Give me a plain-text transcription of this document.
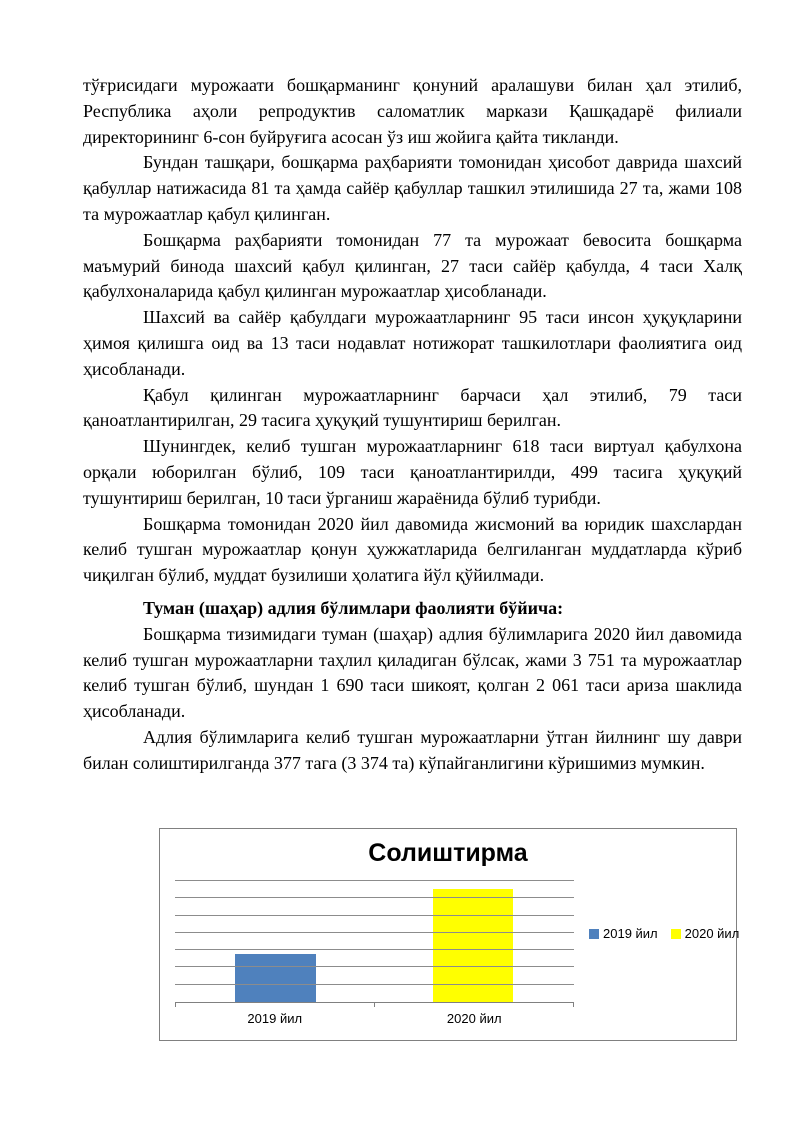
тўғрисидаги мурожаати бошқарманинг қонуний аралашуви билан ҳал этилиб, Республика аҳоли репродуктив саломатлик маркази Қашқадарё филиали директорининг 6-сон буйруғига асосан ўз иш жойига қайта тикланди.

Бундан ташқари, бошқарма раҳбарияти томонидан ҳисобот даврида шахсий қабуллар натижасида 81 та ҳамда сайёр қабуллар ташкил этилишида 27 та, жами 108 та мурожаатлар қабул қилинган.

Бошқарма раҳбарияти томонидан 77 та мурожаат бевосита бошқарма маъмурий бинода шахсий қабул қилинган, 27 таси сайёр қабулда, 4 таси Халқ қабулхоналарида қабул қилинган мурожаатлар ҳисобланади.

Шахсий ва сайёр қабулдаги мурожаатларнинг 95 таси инсон ҳуқуқларини ҳимоя қилишга оид ва 13 таси нодавлат нотижорат ташкилотлари фаолиятига оид ҳисобланади.

Қабул қилинган мурожаатларнинг барчаси ҳал этилиб, 79 таси қаноатлантирилган, 29 тасига ҳуқуқий тушунтириш берилган.

Шунингдек, келиб тушган мурожаатларнинг 618 таси виртуал қабулхона орқали юборилган бўлиб, 109 таси қаноатлантирилди, 499 тасига ҳуқуқий тушунтириш берилган, 10 таси ўрганиш жараёнида бўлиб турибди.

Бошқарма томонидан 2020 йил давомида жисмоний ва юридик шахслардан келиб тушган мурожаатлар қонун ҳужжатларида белгиланган муддатларда кўриб чиқилган бўлиб, муддат бузилиши ҳолатига йўл қўйилмади.

Туман (шаҳар) адлия бўлимлари фаолияти бўйича:

Бошқарма тизимидаги туман (шаҳар) адлия бўлимларига 2020 йил давомида келиб тушган мурожаатларни таҳлил қиладиган бўлсак, жами 3 751 та мурожаатлар келиб тушган бўлиб, шундан 1 690 таси шикоят, қолган 2 061 таси ариза шаклида ҳисобланади.

Адлия бўлимларига келиб тушган мурожаатларни ўтган йилнинг шу даври билан солиштирилганда 377 тага (3 374 та) кўпайганлигини кўришимиз мумкин.

Солиштирма
2019 йил	2020 йил
2019 йил 2020 йил
